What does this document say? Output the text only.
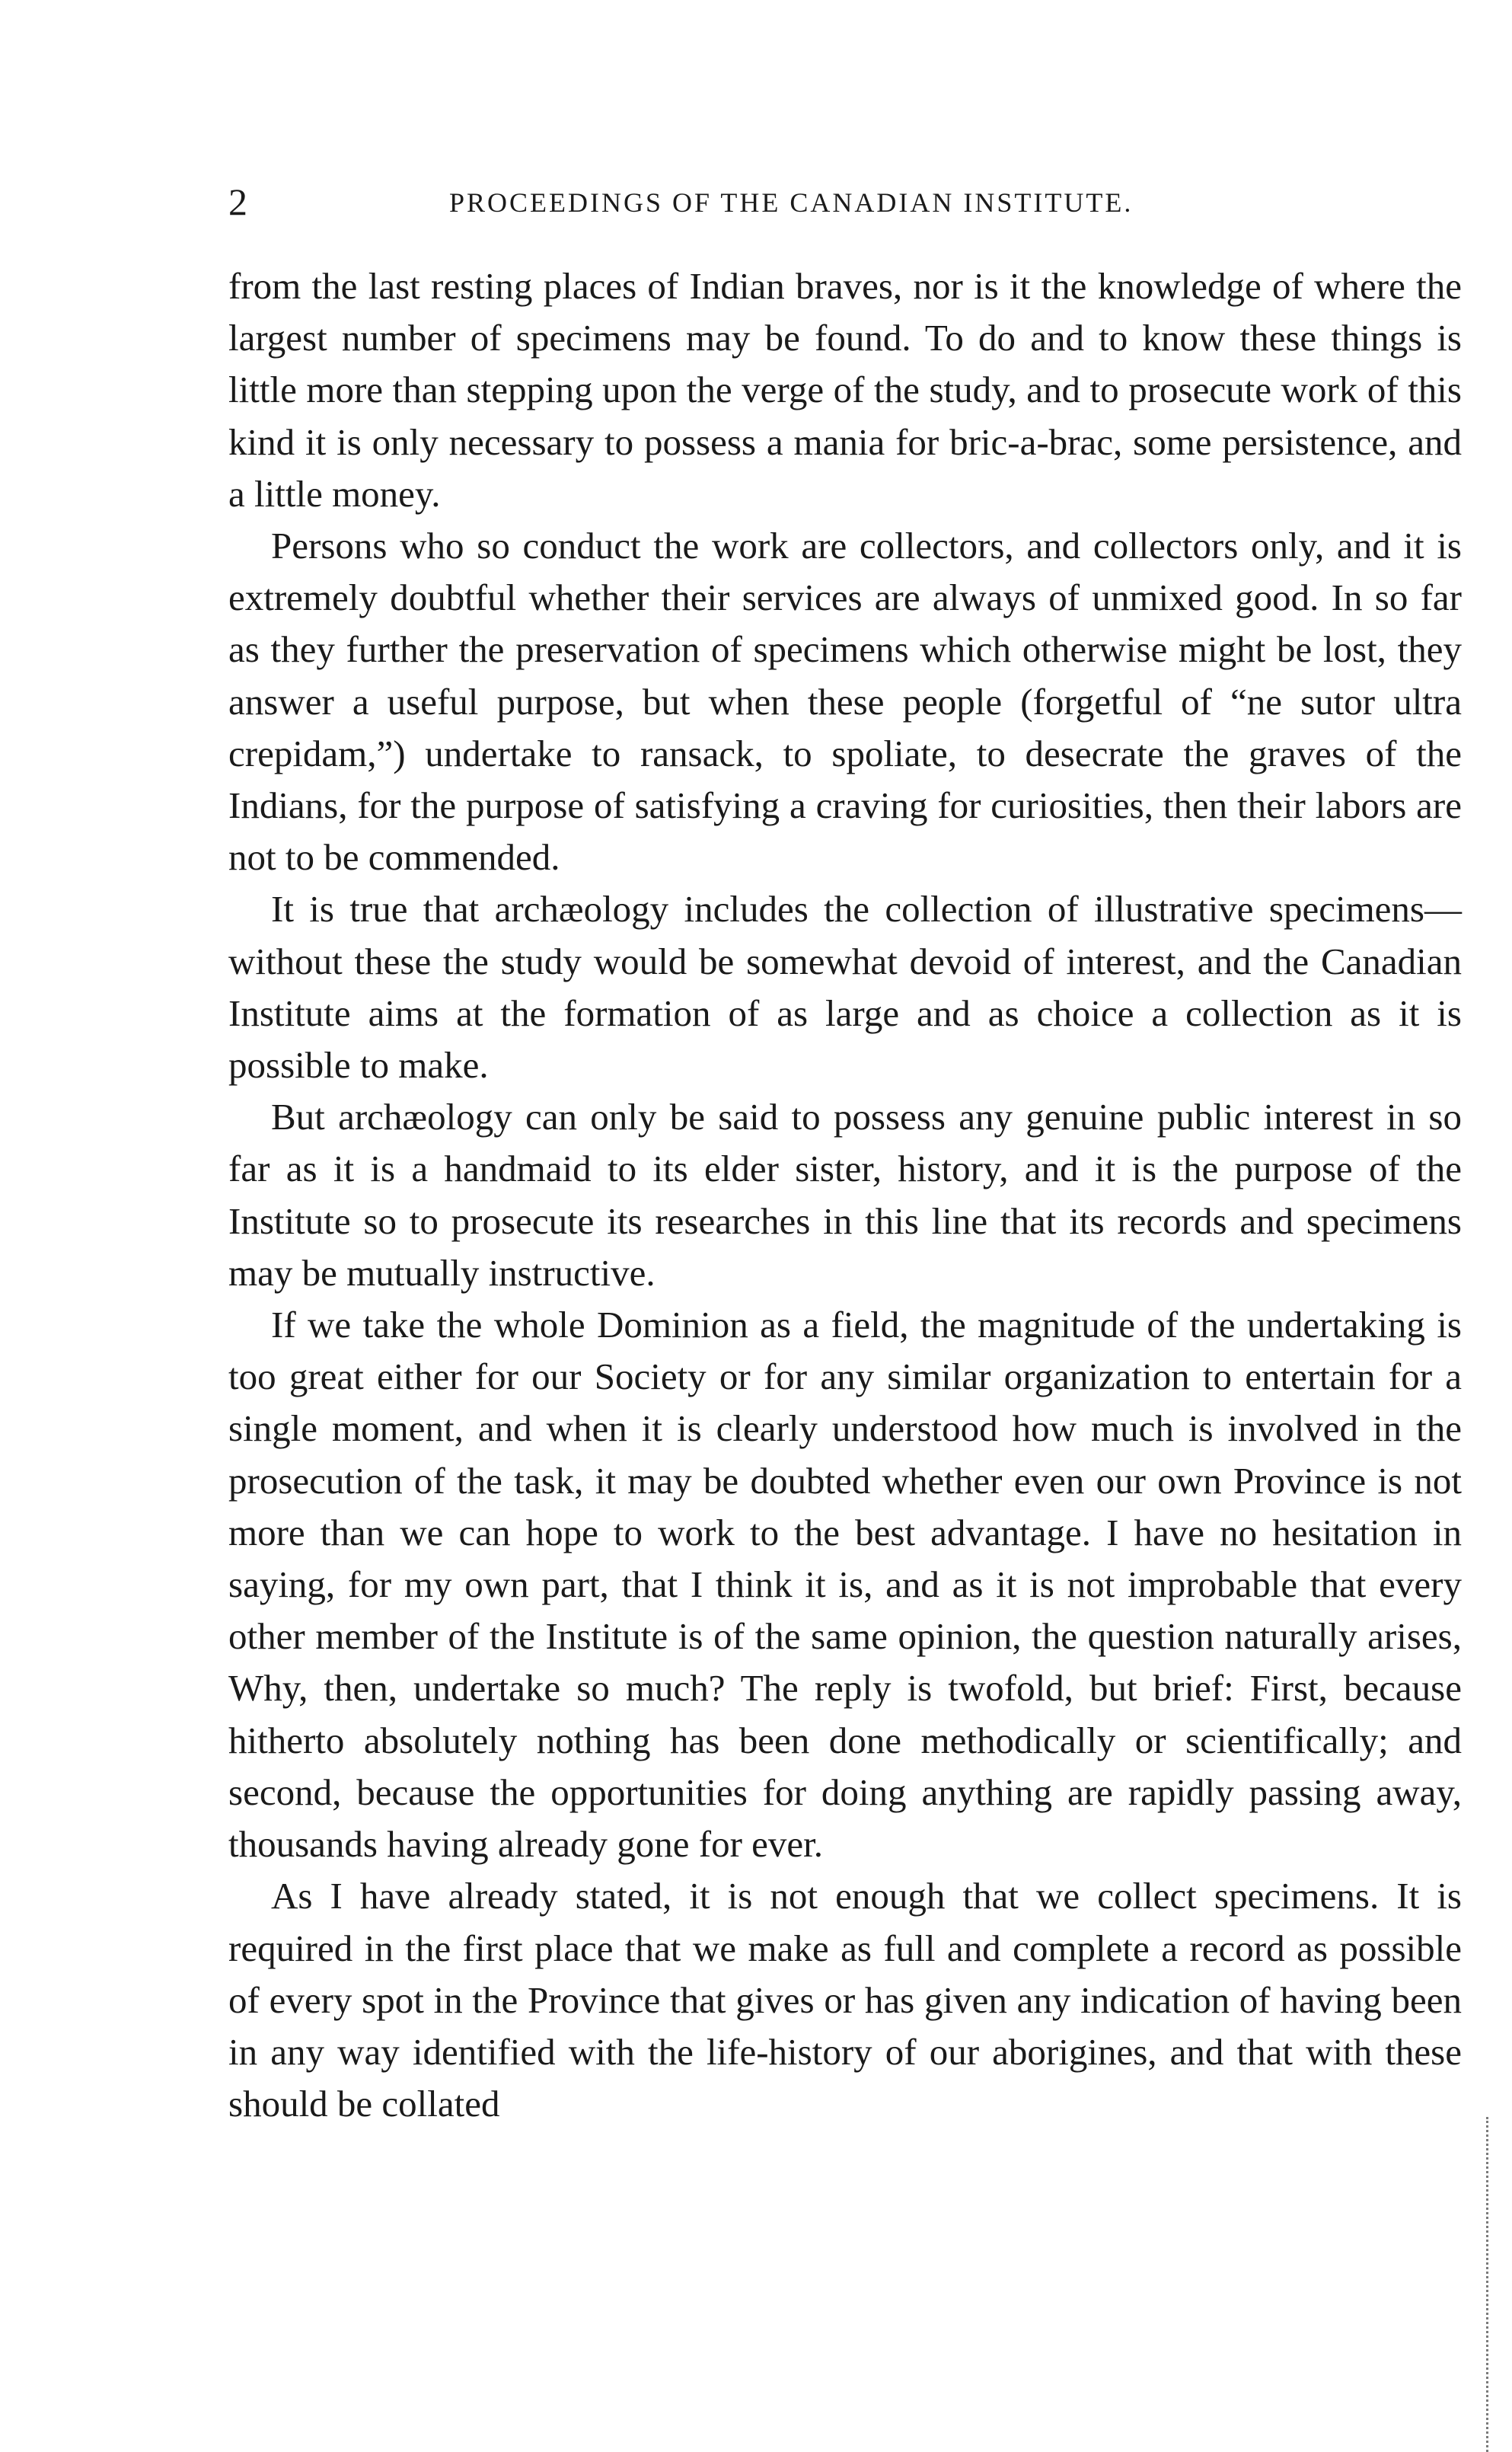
2	PROCEEDINGS OF THE CANADIAN INSTITUTE.

from the last resting places of Indian braves, nor is it the knowledge of where the largest number of specimens may be found. To do and to know these things is little more than stepping upon the verge of the study, and to prosecute work of this kind it is only necessary to possess a mania for bric-a-brac, some persistence, and a little money.

Persons who so conduct the work are collectors, and collectors only, and it is extremely doubtful whether their services are always of unmixed good. In so far as they further the preservation of specimens which otherwise might be lost, they answer a useful purpose, but when these people (forgetful of “ne sutor ultra crepidam,”) undertake to ransack, to spoliate, to desecrate the graves of the Indians, for the purpose of satisfying a craving for curiosities, then their labors are not to be commended.

It is true that archæology includes the collection of illustrative specimens—without these the study would be somewhat devoid of interest, and the Canadian Institute aims at the formation of as large and as choice a collection as it is possible to make.

But archæology can only be said to possess any genuine public interest in so far as it is a handmaid to its elder sister, history, and it is the purpose of the Institute so to prosecute its researches in this line that its records and specimens may be mutually instructive.

If we take the whole Dominion as a field, the magnitude of the undertaking is too great either for our Society or for any similar organization to entertain for a single moment, and when it is clearly understood how much is involved in the prosecution of the task, it may be doubted whether even our own Province is not more than we can hope to work to the best advantage. I have no hesitation in saying, for my own part, that I think it is, and as it is not improbable that every other member of the Institute is of the same opinion, the question naturally arises, Why, then, undertake so much? The reply is twofold, but brief: First, because hitherto absolutely nothing has been done methodically or scientifically; and second, because the opportunities for doing anything are rapidly passing away, thousands having already gone for ever.

As I have already stated, it is not enough that we collect specimens. It is required in the first place that we make as full and complete a record as possible of every spot in the Province that gives or has given any indication of having been in any way identified with the life-history of our aborigines, and that with these should be collated
